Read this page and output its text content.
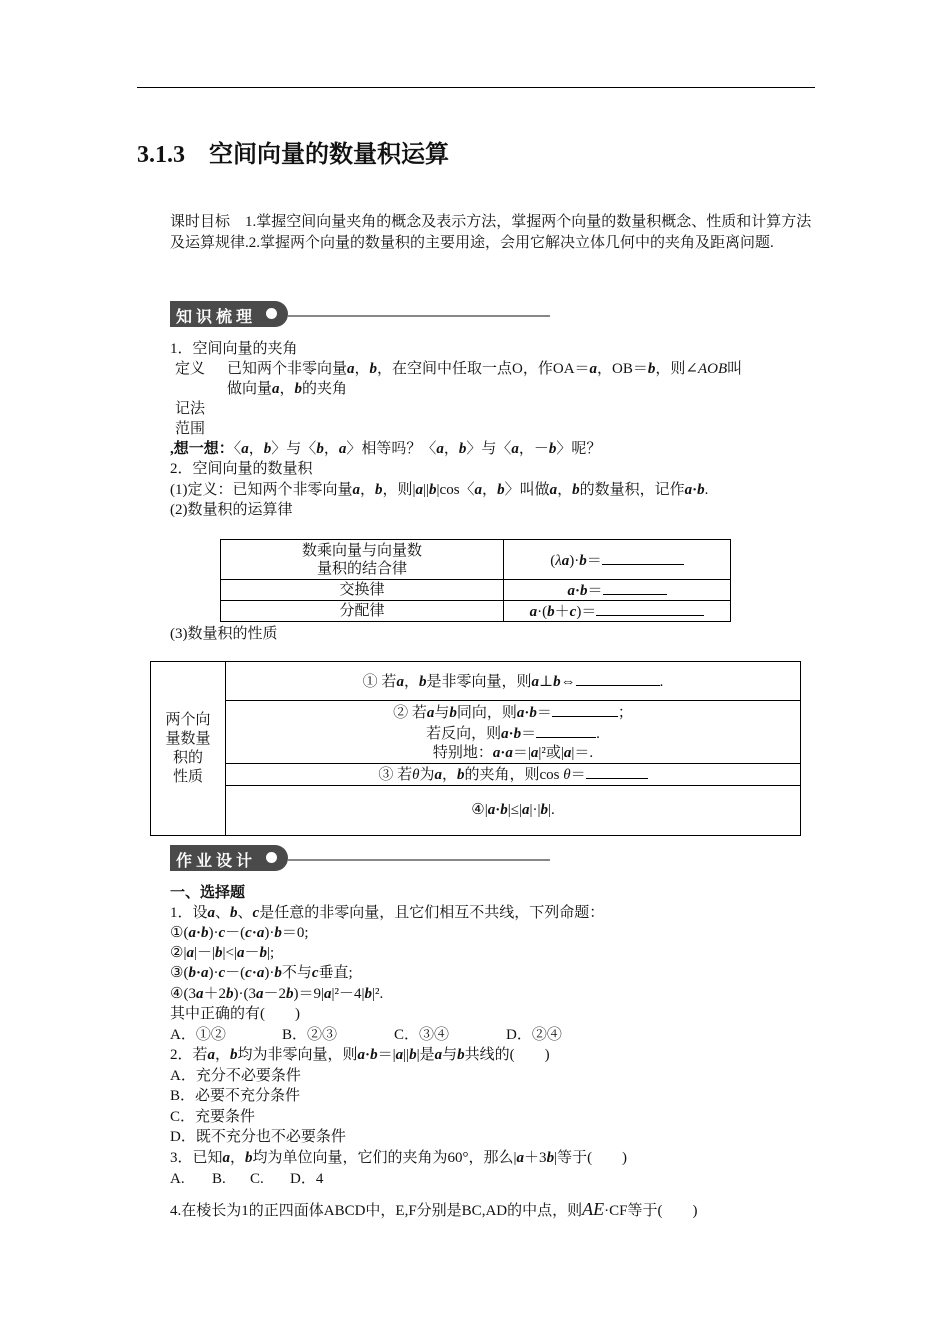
3.1.3　空间向量的数量积运算
课时目标　1.掌握空间向量夹角的概念及表示方法，掌握两个向量的数量积概念、性质和计算方法及运算规律.2.掌握两个向量的数量积的主要用途，会用它解决立体几何中的夹角及距离问题.
知识梳理
1．空间向量的夹角
定义 已知两个非零向量a，b，在空间中任取一点O，作OA＝a，OB＝b，则∠AOB叫
做向量a，b的夹角
记法
范围
,想一想：〈a，b〉与〈b，a〉相等吗？〈a，b〉与〈a，－b〉呢？
2．空间向量的数量积
(1)定义：已知两个非零向量a，b，则|a||b|cos〈a，b〉叫做a，b的数量积，记作a·b.
(2)数量积的运算律
数乘向量与向量数
量积的结合律	(λa)·b＝
交换律	a·b＝
分配律	a·(b＋c)＝
(3)数量积的性质
两个向
量数量
积的
性质	① 若a，b是非零向量，则a⊥b⇔	.
② 若a与b同向，则a·b＝	；
若反向，则a·b＝	.
特别地：a·a＝|a|²或|a|＝.
③ 若θ为a，b的夹角，则cos θ＝
④|a·b|≤|a|·|b|.
作业设计
一、选择题
1．设a、b、c是任意的非零向量，且它们相互不共线，下列命题：
①(a·b)·c－(c·a)·b＝0;
②|a|－|b|<|a－b|;
③(b·a)·c－(c·a)·b不与c垂直;
④(3a＋2b)·(3a－2b)＝9|a|²－4|b|².
其中正确的有(　　)
A．①②	B．②③	C．③④	D．②④
2．若a，b均为非零向量，则a·b＝|a||b|是a与b共线的(　　)
A．充分不必要条件
B．必要不充分条件
C．充要条件
D．既不充分也不必要条件
3．已知a，b均为单位向量，它们的夹角为60°，那么|a＋3b|等于(　　)
A. B. C. D．4
4.在棱长为1的正四面体ABCD中，E,F分别是BC,AD的中点，则AE·CF等于(　　)
